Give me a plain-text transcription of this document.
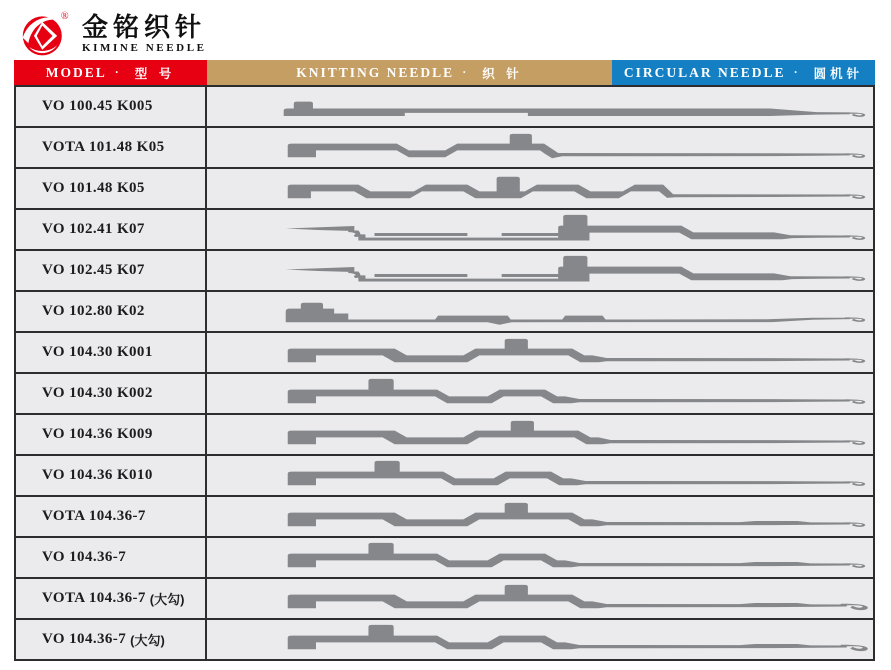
® 金铭织针
KIMINE NEEDLE
MODEL · 型 号	KNITTING NEEDLE · 织 针	CIRCULAR NEEDLE · 圆机针
VO 100.45 K005
VOTA 101.48 K05
VO 101.48 K05
VO 102.41 K07
VO 102.45 K07
VO 102.80 K02
VO 104.30 K001
VO 104.30 K002
VO 104.36 K009
VO 104.36 K010
VOTA 104.36-7
VO 104.36-7
VOTA 104.36-7 (大勾)
VO 104.36-7 (大勾)
